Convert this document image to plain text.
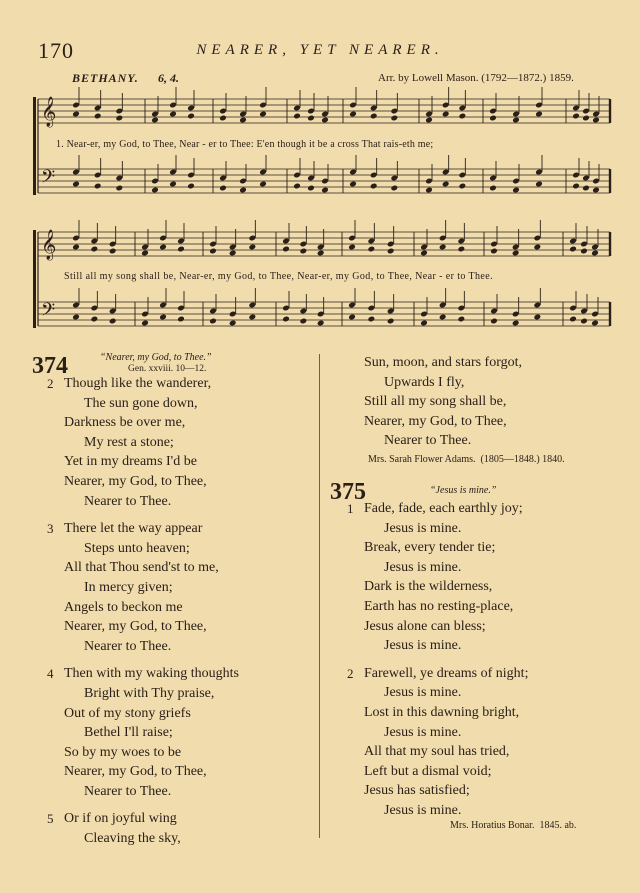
170	NEARER, YET NEARER.
BETHANY. 6, 4.	Arr. by Lowell Mason. (1792—1872.) 1859.
𝄞
𝄢
𝄞
𝄢
1. Near-er, my God, to Thee, Near - er to Thee: E'en though it be a cross That rais-eth me;
Still all my song shall be, Near-er, my God, to Thee, Near-er, my God, to Thee, Near - er to Thee.
374	“Nearer, my God, to Thee.”
Gen. xxviii. 10—12.
2 Though like the wanderer,
The sun gone down,
Darkness be over me,
My rest a stone;
Yet in my dreams I'd be
Nearer, my God, to Thee,
Nearer to Thee.
3 There let the way appear
Steps unto heaven;
All that Thou send'st to me,
In mercy given;
Angels to beckon me
Nearer, my God, to Thee,
Nearer to Thee.
4 Then with my waking thoughts
Bright with Thy praise,
Out of my stony griefs
Bethel I'll raise;
So by my woes to be
Nearer, my God, to Thee,
Nearer to Thee.
5 Or if on joyful wing
Cleaving the sky,
Sun, moon, and stars forgot,
Upwards I fly,
Still all my song shall be,
Nearer, my God, to Thee,
Nearer to Thee.
Mrs. Sarah Flower Adams. (1805—1848.) 1840.
375	“Jesus is mine.”
1 Fade, fade, each earthly joy;
Jesus is mine.
Break, every tender tie;
Jesus is mine.
Dark is the wilderness,
Earth has no resting-place,
Jesus alone can bless;
Jesus is mine.
2 Farewell, ye dreams of night;
Jesus is mine.
Lost in this dawning bright,
Jesus is mine.
All that my soul has tried,
Left but a dismal void;
Jesus has satisfied;
Jesus is mine.
Mrs. Horatius Bonar. 1845. ab.
